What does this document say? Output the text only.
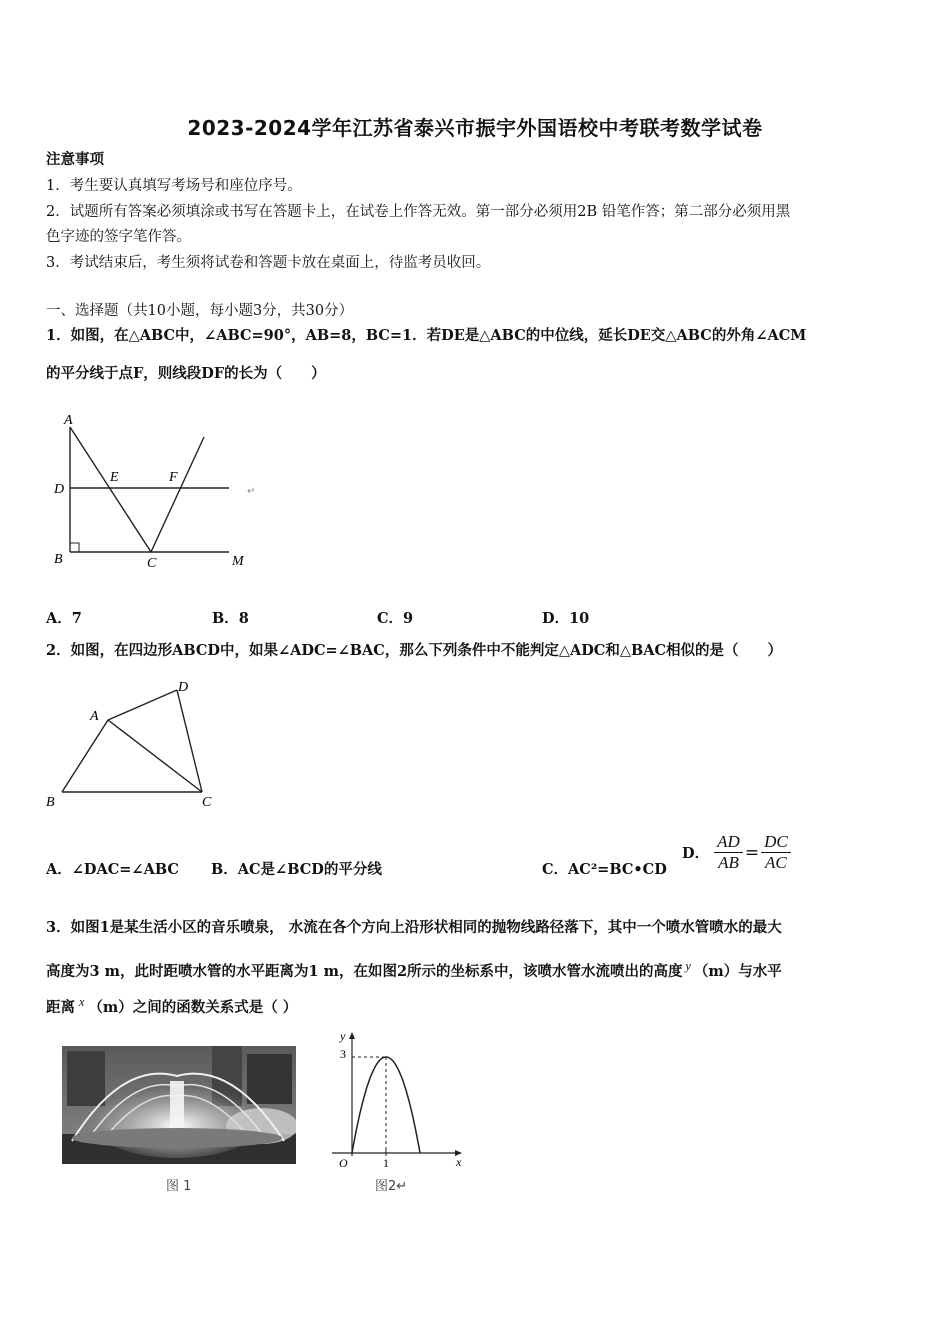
2023-2024学年江苏省泰兴市振宇外国语校中考联考数学试卷
注意事项
1．考生要认真填写考场号和座位序号。
2．试题所有答案必须填涂或书写在答题卡上，在试卷上作答无效。第一部分必须用2B 铅笔作答；第二部分必须用黑
色字迹的签字笔作答。
3．考试结束后，考生须将试卷和答题卡放在桌面上，待监考员收回。
一、选择题（共10小题，每小题3分，共30分）
1．如图，在△ABC中，∠ABC=90°，AB=8，BC=1．若DE是△ABC的中位线，延长DE交△ABC的外角∠ACM
的平分线于点F，则线段DF的长为（　　）
A
E	F
D
B	C	M
↵
A．7	B．8	C．9	D．10
2．如图，在四边形ABCD中，如果∠ADC=∠BAC，那么下列条件中不能判定△ADC和△BAC相似的是（　　）
A
D
B	C
A．∠DAC=∠ABC B．AC是∠BCD的平分线	C．AC²=BC•CD
D． $\frac{AD}{AB} = \frac{DC}{AC}$
3．如图1是某生活小区的音乐喷泉， 水流在各个方向上沿形状相同的抛物线路径落下，其中一个喷水管喷水的最大
高度为3 m，此时距喷水管的水平距离为1 m，在如图2所示的坐标系中，该喷水管水流喷出的高度 $^y$ （m）与水平
距离 $^x$ （m）之间的函数关系式是（ ）
图 1
y
x
O
3
1
图2↵
